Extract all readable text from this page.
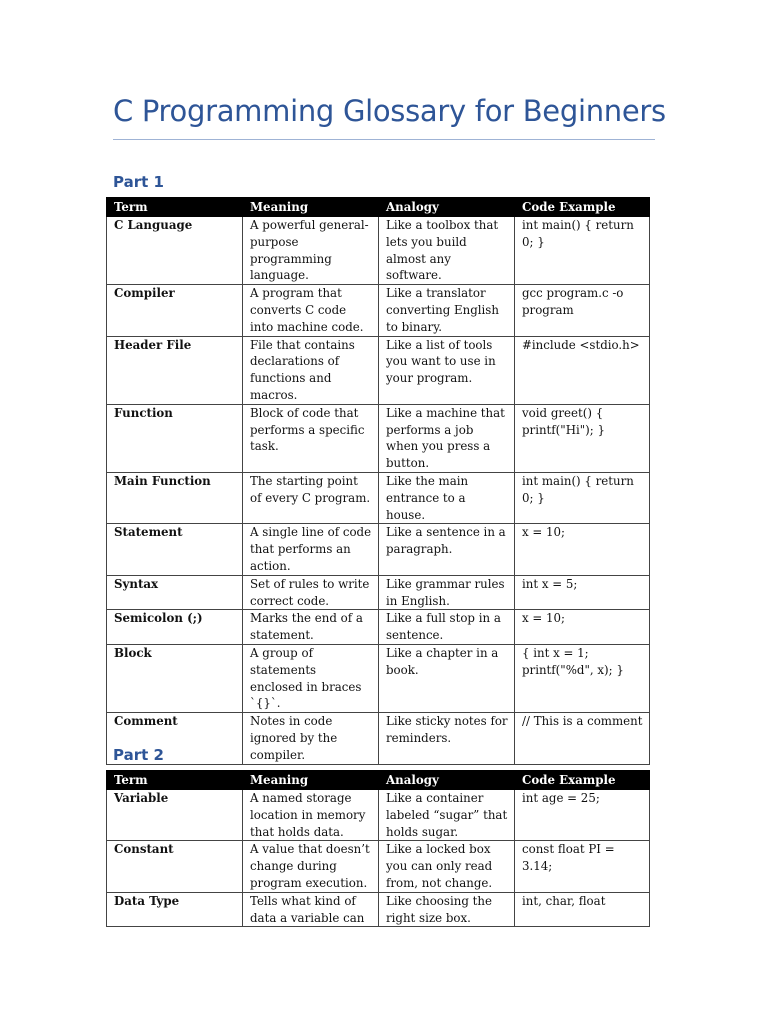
C Programming Glossary for Beginners
Part 1
Term	Meaning	Analogy	Code Example
C Language	A powerful general-purpose programming language.	Like a toolbox that lets you build almost any software.	int main() { return 0; }
Compiler	A program that converts C code into machine code.	Like a translator converting English to binary.	gcc program.c -o program
Header File	File that contains declarations of functions and macros.	Like a list of tools you want to use in your program.	#include <stdio.h>
Function	Block of code that performs a specific task.	Like a machine that performs a job when you press a button.	void greet() { printf("Hi"); }
Main Function	The starting point of every C program.	Like the main entrance to a house.	int main() { return 0; }
Statement	A single line of code that performs an action.	Like a sentence in a paragraph.	x = 10;
Syntax	Set of rules to write correct code.	Like grammar rules in English.	int x = 5;
Semicolon (;)	Marks the end of a statement.	Like a full stop in a sentence.	x = 10;
Block	A group of statements enclosed in braces `{}`.	Like a chapter in a book.	{ int x = 1; printf("%d", x); }
Comment	Notes in code ignored by the compiler.	Like sticky notes for reminders.	// This is a comment
Part 2
Term	Meaning	Analogy	Code Example
Variable	A named storage location in memory that holds data.	Like a container labeled “sugar” that holds sugar.	int age = 25;
Constant	A value that doesn’t change during program execution.	Like a locked box you can only read from, not change.	const float PI = 3.14;
Data Type	Tells what kind of data a variable can	Like choosing the right size box.	int, char, float
